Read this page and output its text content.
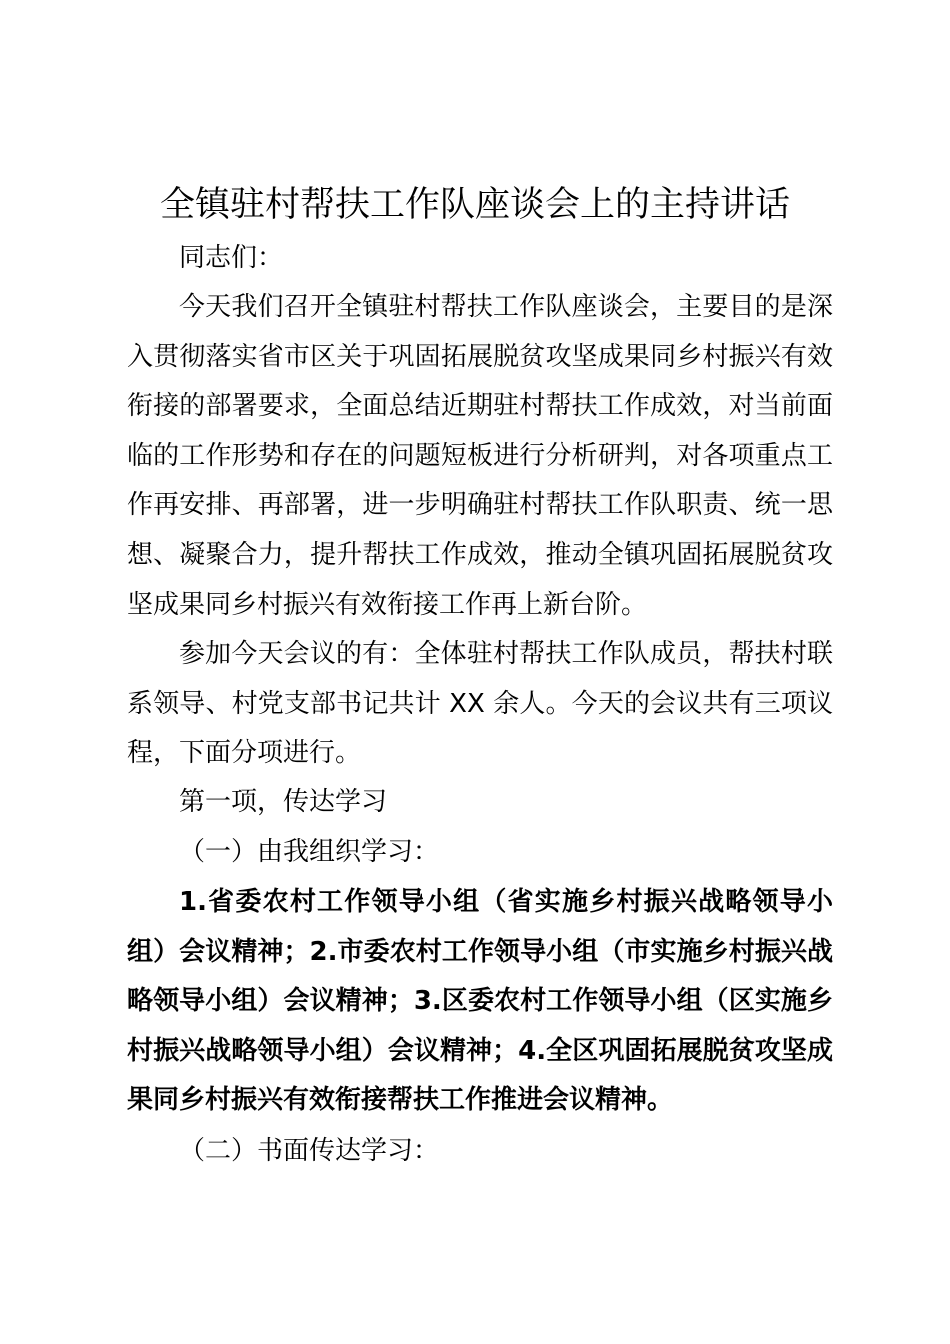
全镇驻村帮扶工作队座谈会上的主持讲话

同志们：

今天我们召开全镇驻村帮扶工作队座谈会，主要目的是深入贯彻落实省市区关于巩固拓展脱贫攻坚成果同乡村振兴有效衔接的部署要求，全面总结近期驻村帮扶工作成效，对当前面临的工作形势和存在的问题短板进行分析研判，对各项重点工作再安排、再部署，进一步明确驻村帮扶工作队职责、统一思想、凝聚合力，提升帮扶工作成效，推动全镇巩固拓展脱贫攻坚成果同乡村振兴有效衔接工作再上新台阶。

参加今天会议的有：全体驻村帮扶工作队成员，帮扶村联系领导、村党支部书记共计 XX 余人。今天的会议共有三项议程，下面分项进行。

第一项，传达学习

（一）由我组织学习：

1.省委农村工作领导小组（省实施乡村振兴战略领导小组）会议精神；2.市委农村工作领导小组（市实施乡村振兴战略领导小组）会议精神；3.区委农村工作领导小组（区实施乡村振兴战略领导小组）会议精神；4.全区巩固拓展脱贫攻坚成果同乡村振兴有效衔接帮扶工作推进会议精神。

（二）书面传达学习：
